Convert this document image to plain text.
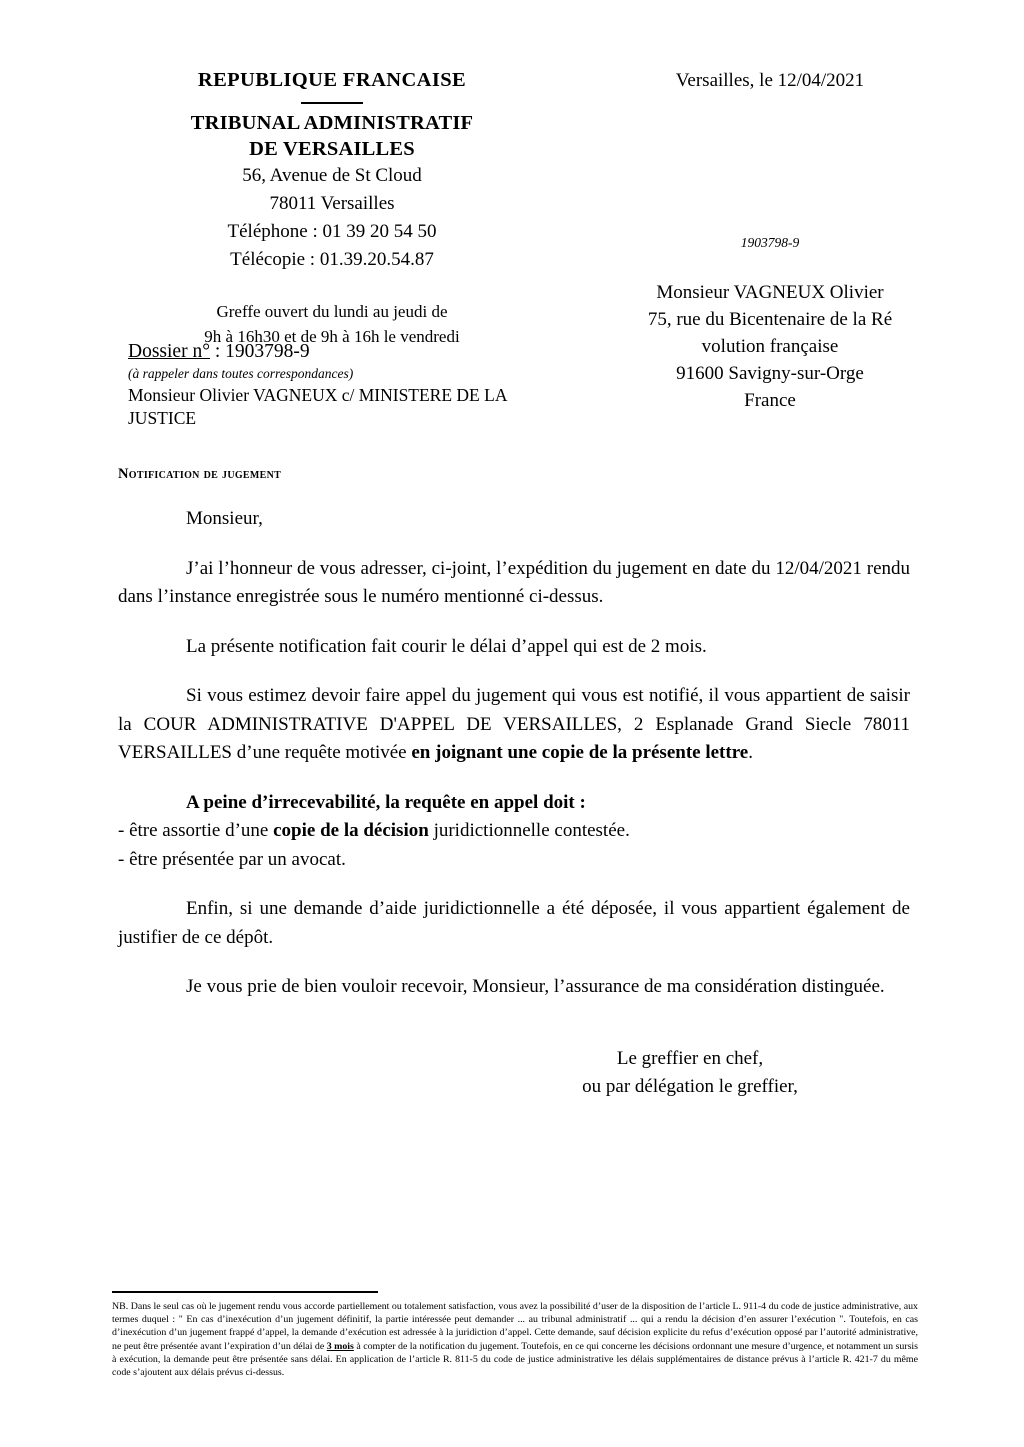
REPUBLIQUE FRANCAISE
TRIBUNAL ADMINISTRATIF
DE VERSAILLES
56, Avenue de St Cloud
78011 Versailles
Téléphone : 01 39 20 54 50
Télécopie : 01.39.20.54.87
Greffe ouvert du lundi au jeudi de
9h à 16h30 et de 9h à 16h le vendredi
Dossier n° : 1903798-9
(à rappeler dans toutes correspondances)
Monsieur Olivier VAGNEUX c/ MINISTERE DE LA JUSTICE
Versailles, le 12/04/2021
1903798-9
Monsieur VAGNEUX Olivier
75, rue du Bicentenaire de la Ré
volution française
91600 Savigny-sur-Orge
France
Notification de jugement

Monsieur,

J’ai l’honneur de vous adresser, ci-joint, l’expédition du jugement en date du 12/04/2021 rendu dans l’instance enregistrée sous le numéro mentionné ci-dessus.

La présente notification fait courir le délai d’appel qui est de 2 mois.

Si vous estimez devoir faire appel du jugement qui vous est notifié, il vous appartient de saisir la COUR ADMINISTRATIVE D'APPEL DE VERSAILLES, 2 Esplanade Grand Siecle 78011 VERSAILLES d’une requête motivée en joignant une copie de la présente lettre.

A peine d’irrecevabilité, la requête en appel doit :
- être assortie d’une copie de la décision juridictionnelle contestée.
- être présentée par un avocat.

Enfin, si une demande d’aide juridictionnelle a été déposée, il vous appartient également de justifier de ce dépôt.

Je vous prie de bien vouloir recevoir, Monsieur, l’assurance de ma considération distinguée.

Le greffier en chef,
ou par délégation le greffier,
NB. Dans le seul cas où le jugement rendu vous accorde partiellement ou totalement satisfaction, vous avez la possibilité d’user de la disposition de l’article L. 911-4 du code de justice administrative, aux termes duquel : " En cas d’inexécution d’un jugement définitif, la partie intéressée peut demander ... au tribunal administratif ... qui a rendu la décision d’en assurer l’exécution ". Toutefois, en cas d’inexécution d’un jugement frappé d’appel, la demande d’exécution est adressée à la juridiction d’appel. Cette demande, sauf décision explicite du refus d’exécution opposé par l’autorité administrative, ne peut être présentée avant l’expiration d’un délai de 3 mois à compter de la notification du jugement. Toutefois, en ce qui concerne les décisions ordonnant une mesure d’urgence, et notamment un sursis à exécution, la demande peut être présentée sans délai. En application de l’article R. 811-5 du code de justice administrative les délais supplémentaires de distance prévus à l’article R. 421-7 du même code s’ajoutent aux délais prévus ci-dessus.
